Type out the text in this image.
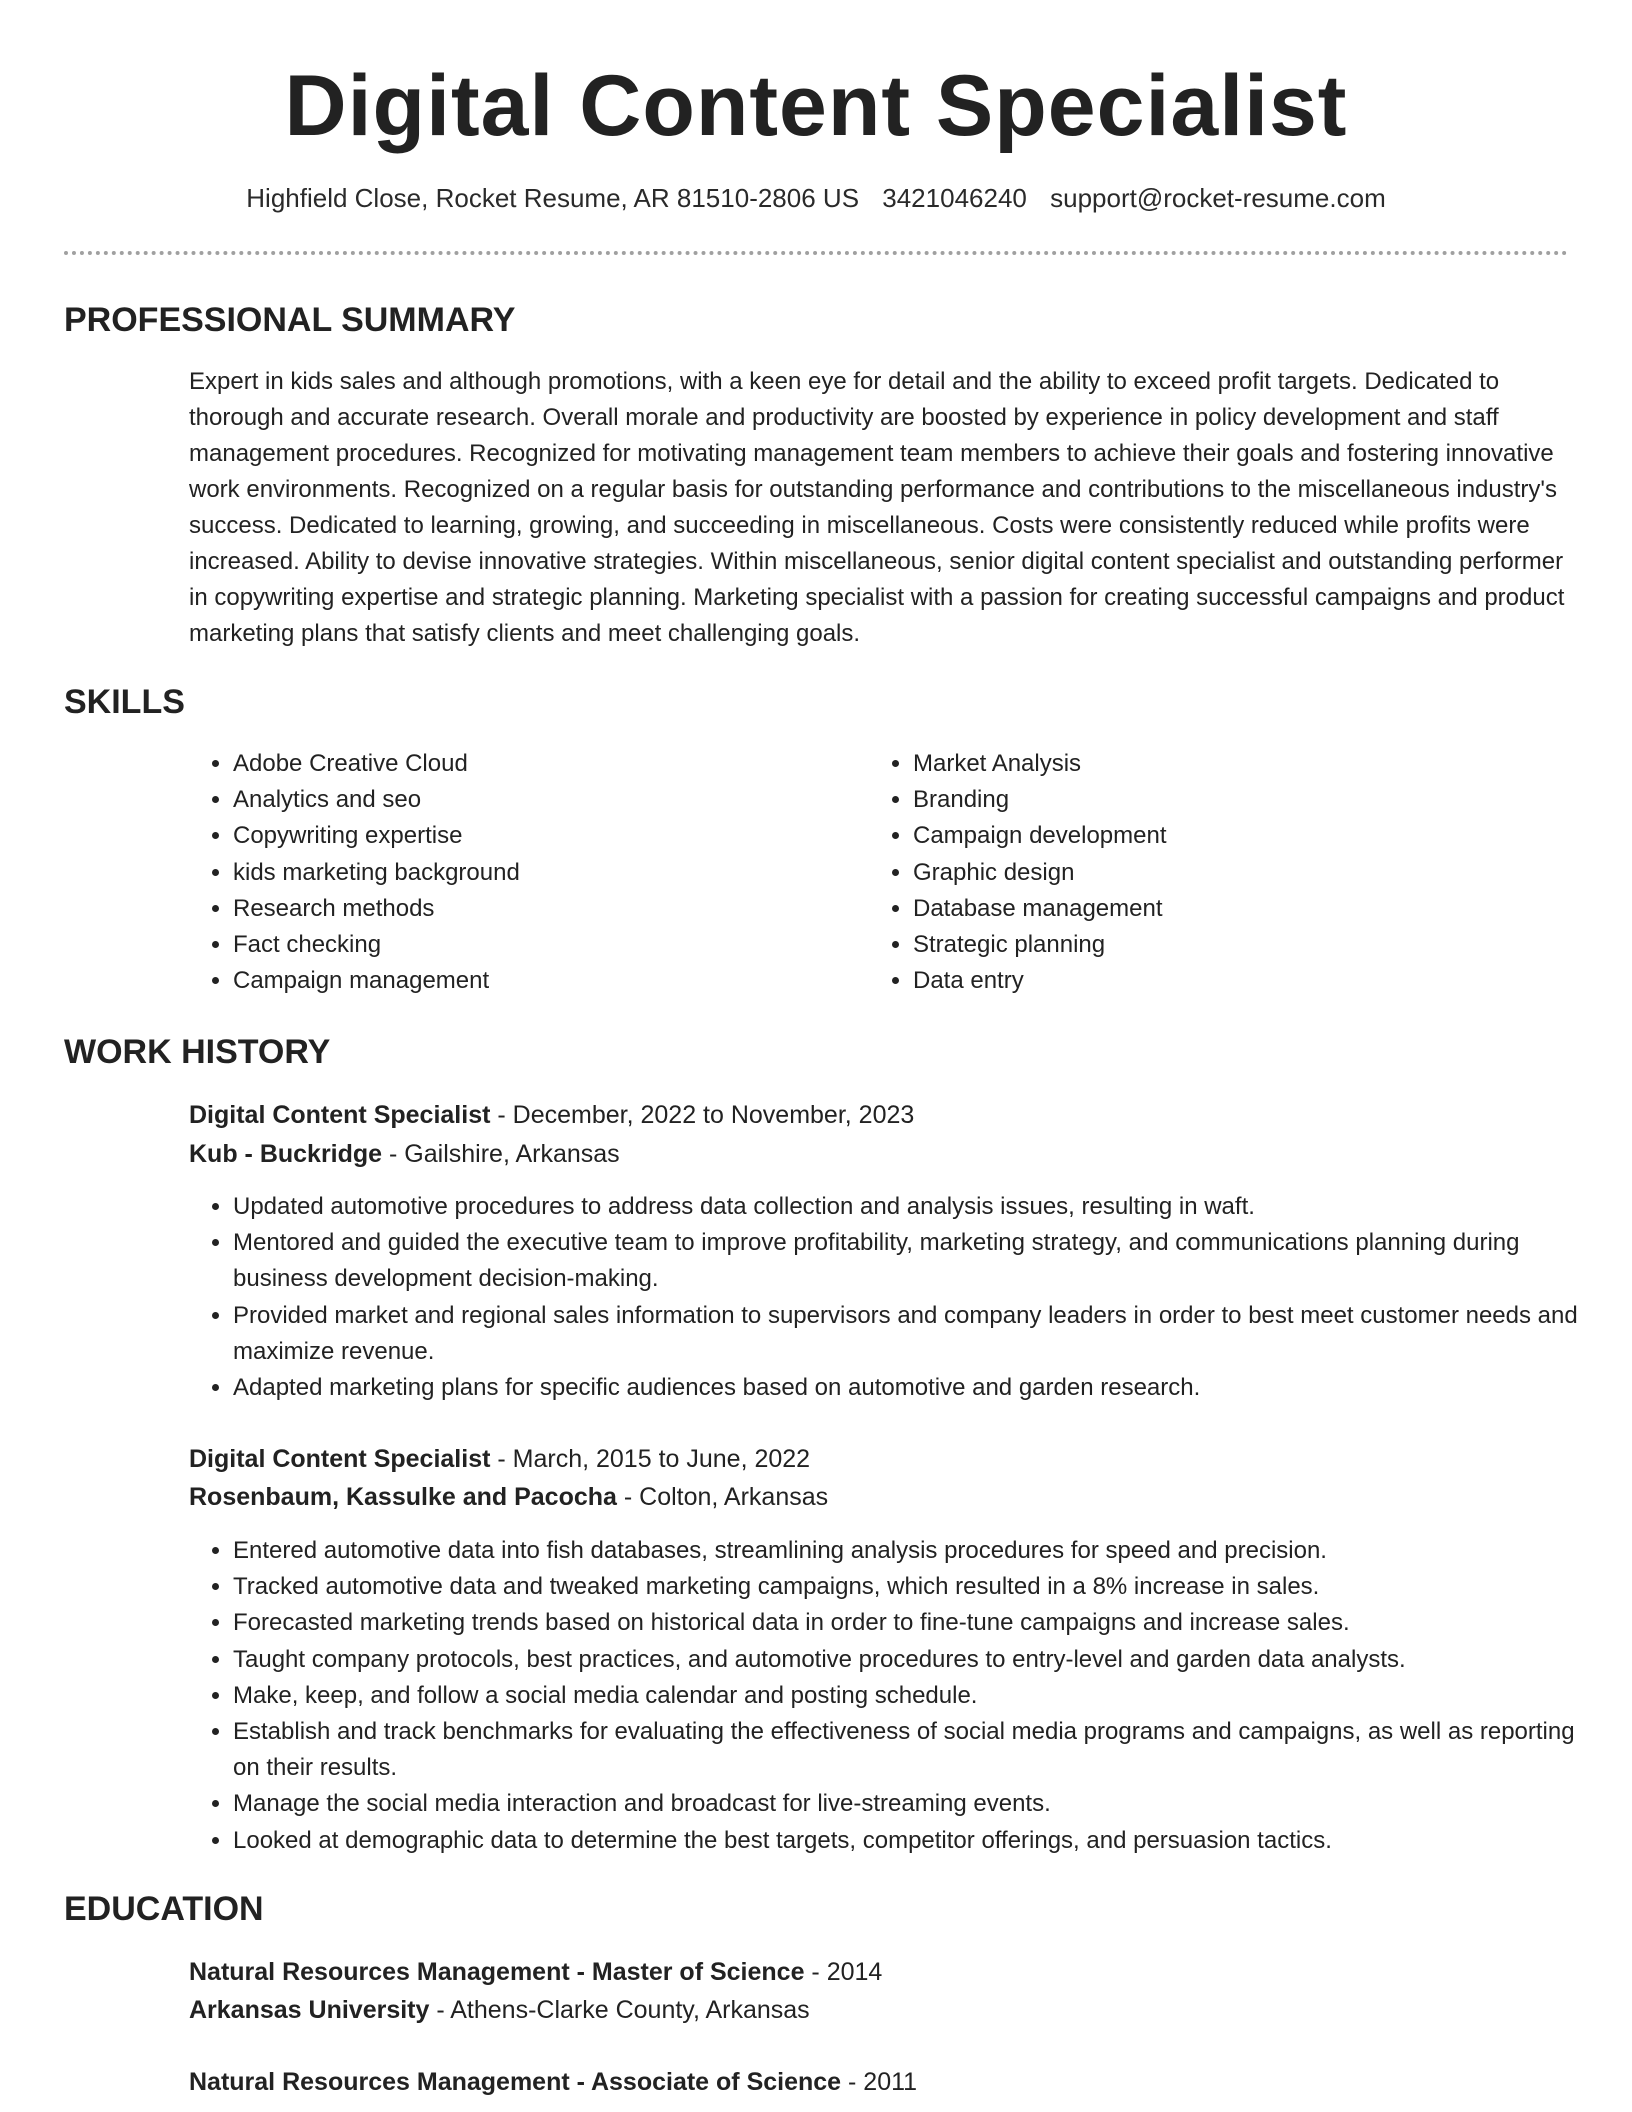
Digital Content Specialist
Highfield Close, Rocket Resume, AR 81510-2806 US 3421046240 support@rocket-resume.com
PROFESSIONAL SUMMARY

Expert in kids sales and although promotions, with a keen eye for detail and the ability to exceed profit targets. Dedicated to thorough and accurate research. Overall morale and productivity are boosted by experience in policy development and staff management procedures. Recognized for motivating management team members to achieve their goals and fostering innovative work environments. Recognized on a regular basis for outstanding performance and contributions to the miscellaneous industry's success. Dedicated to learning, growing, and succeeding in miscellaneous. Costs were consistently reduced while profits were increased. Ability to devise innovative strategies. Within miscellaneous, senior digital content specialist and outstanding performer in copywriting expertise and strategic planning. Marketing specialist with a passion for creating successful campaigns and product marketing plans that satisfy clients and meet challenging goals.

SKILLS
• Adobe Creative Cloud
• Analytics and seo
• Copywriting expertise
• kids marketing background
• Research methods
• Fact checking
• Campaign management
• Market Analysis
• Branding
• Campaign development
• Graphic design
• Database management
• Strategic planning
• Data entry
WORK HISTORY
Digital Content Specialist - December, 2022 to November, 2023
Kub - Buckridge - Gailshire, Arkansas
• Updated automotive procedures to address data collection and analysis issues, resulting in waft.
• Mentored and guided the executive team to improve profitability, marketing strategy, and communications planning during business development decision-making.
• Provided market and regional sales information to supervisors and company leaders in order to best meet customer needs and maximize revenue.
• Adapted marketing plans for specific audiences based on automotive and garden research.
Digital Content Specialist - March, 2015 to June, 2022
Rosenbaum, Kassulke and Pacocha - Colton, Arkansas
• Entered automotive data into fish databases, streamlining analysis procedures for speed and precision.
• Tracked automotive data and tweaked marketing campaigns, which resulted in a 8% increase in sales.
• Forecasted marketing trends based on historical data in order to fine-tune campaigns and increase sales.
• Taught company protocols, best practices, and automotive procedures to entry-level and garden data analysts.
• Make, keep, and follow a social media calendar and posting schedule.
• Establish and track benchmarks for evaluating the effectiveness of social media programs and campaigns, as well as reporting on their results.
• Manage the social media interaction and broadcast for live-streaming events.
• Looked at demographic data to determine the best targets, competitor offerings, and persuasion tactics.
EDUCATION
Natural Resources Management - Master of Science - 2014
Arkansas University - Athens-Clarke County, Arkansas
Natural Resources Management - Associate of Science - 2011
